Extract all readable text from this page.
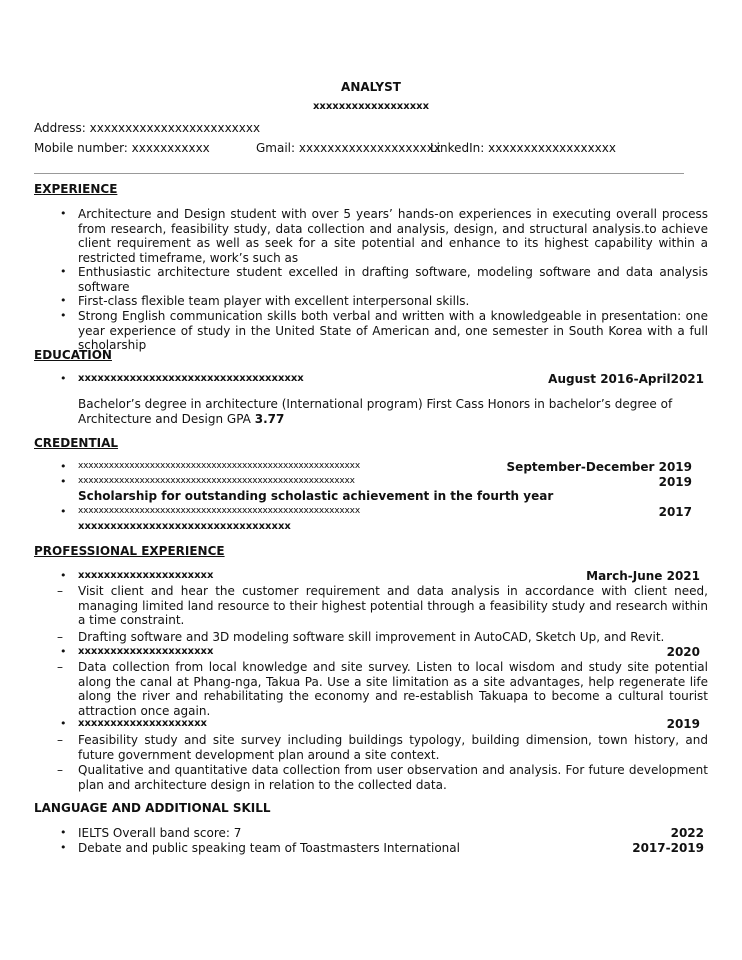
ANALYST
xxxxxxxxxxxxxxxxxx
Address: xxxxxxxxxxxxxxxxxxxxxxxx
Mobile number: xxxxxxxxxxx	Gmail: xxxxxxxxxxxxxxxxxxxx
LinkedIn: xxxxxxxxxxxxxxxxxx
EXPERIENCE
• Architecture and Design student with over 5 years’ hands-on experiences in executing overall process from research, feasibility study, data collection and analysis, design, and structural analysis.to achieve client requirement as well as seek for a site potential and enhance to its highest capability within a restricted timeframe, work’s such as
• Enthusiastic architecture student excelled in drafting software, modeling software and data analysis software
• First-class flexible team player with excellent interpersonal skills.
• Strong English communication skills both verbal and written with a knowledgeable in presentation: one year experience of study in the United State of American and, one semester in South Korea with a full scholarship
EDUCATION
• xxxxxxxxxxxxxxxxxxxxxxxxxxxxxxxxxxx	August 2016-April2021
Bachelor’s degree in architecture (International program) First Cass Honors in bachelor’s degree of Architecture and Design GPA 3.77
CREDENTIAL
• xxxxxxxxxxxxxxxxxxxxxxxxxxxxxxxxxxxxxxxxxxxxxxxxxxxxxxx	September-December 2019
• xxxxxxxxxxxxxxxxxxxxxxxxxxxxxxxxxxxxxxxxxxxxxxxxxxxxxx	2019
Scholarship for outstanding scholastic achievement in the fourth year
• xxxxxxxxxxxxxxxxxxxxxxxxxxxxxxxxxxxxxxxxxxxxxxxxxxxxxxx	2017
xxxxxxxxxxxxxxxxxxxxxxxxxxxxxxxxx
PROFESSIONAL EXPERIENCE
• xxxxxxxxxxxxxxxxxxxxx	March-June 2021
– Visit client and hear the customer requirement and data analysis in accordance with client need, managing limited land resource to their highest potential through a feasibility study and research within a time constraint.
– Drafting software and 3D modeling software skill improvement in AutoCAD, Sketch Up, and Revit.
• xxxxxxxxxxxxxxxxxxxxx	2020
– Data collection from local knowledge and site survey. Listen to local wisdom and study site potential along the canal at Phang-nga, Takua Pa. Use a site limitation as a site advantages, help regenerate life along the river and rehabilitating the economy and re-establish Takuapa to become a cultural tourist attraction once again.
• xxxxxxxxxxxxxxxxxxxx	2019
– Feasibility study and site survey including buildings typology, building dimension, town history, and future government development plan around a site context.
– Qualitative and quantitative data collection from user observation and analysis. For future development plan and architecture design in relation to the collected data.
LANGUAGE AND ADDITIONAL SKILL
• IELTS Overall band score: 7	2022
• Debate and public speaking team of Toastmasters International	2017-2019
